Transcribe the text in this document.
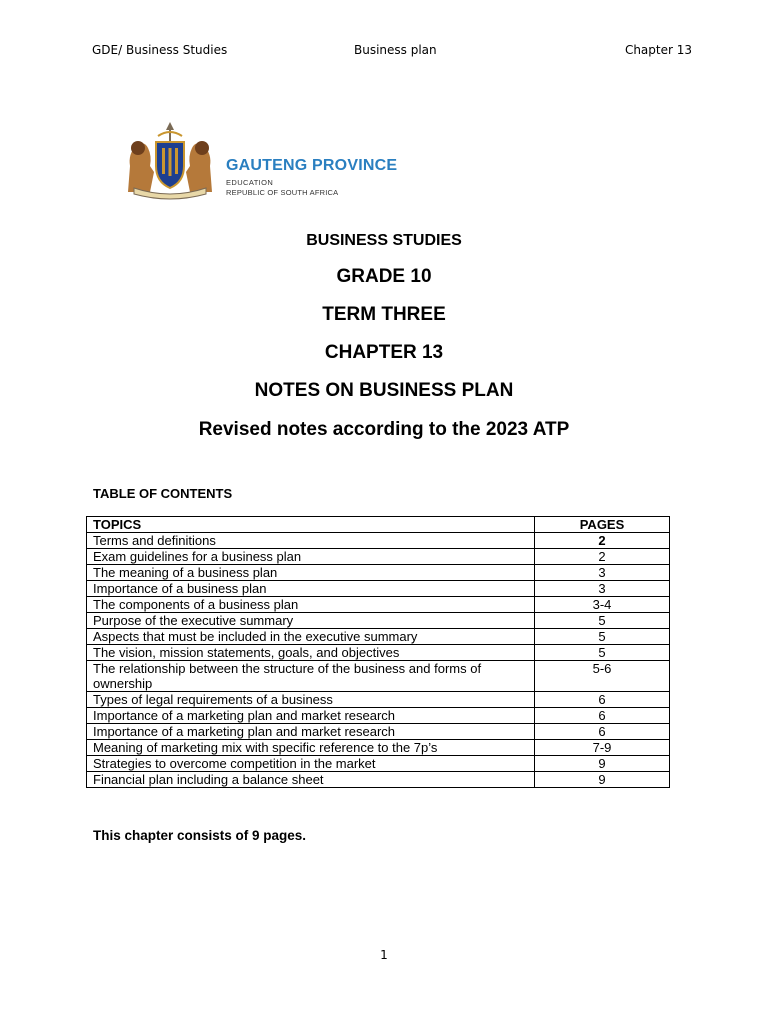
GDE/ Business Studies	Business plan	Chapter 13
GAUTENG PROVINCE
EDUCATION
REPUBLIC OF SOUTH AFRICA
BUSINESS STUDIES
GRADE 10
TERM THREE
CHAPTER 13
NOTES ON BUSINESS PLAN
Revised notes according to the 2023 ATP
TABLE OF CONTENTS
TOPICS	PAGES
Terms and definitions	2
Exam guidelines for a business plan	2
The meaning of a business plan	3
Importance of a business plan	3
The components of a business plan	3-4
Purpose of the executive summary	5
Aspects that must be included in the executive summary	5
The vision, mission statements, goals, and objectives	5
The relationship between the structure of the business and forms of ownership	5-6
Types of legal requirements of a business	6
Importance of a marketing plan and market research	6
Importance of a marketing plan and market research	6
Meaning of marketing mix with specific reference to the 7p’s	7-9
Strategies to overcome competition in the market	9
Financial plan including a balance sheet	9
This chapter consists of 9 pages.
1
